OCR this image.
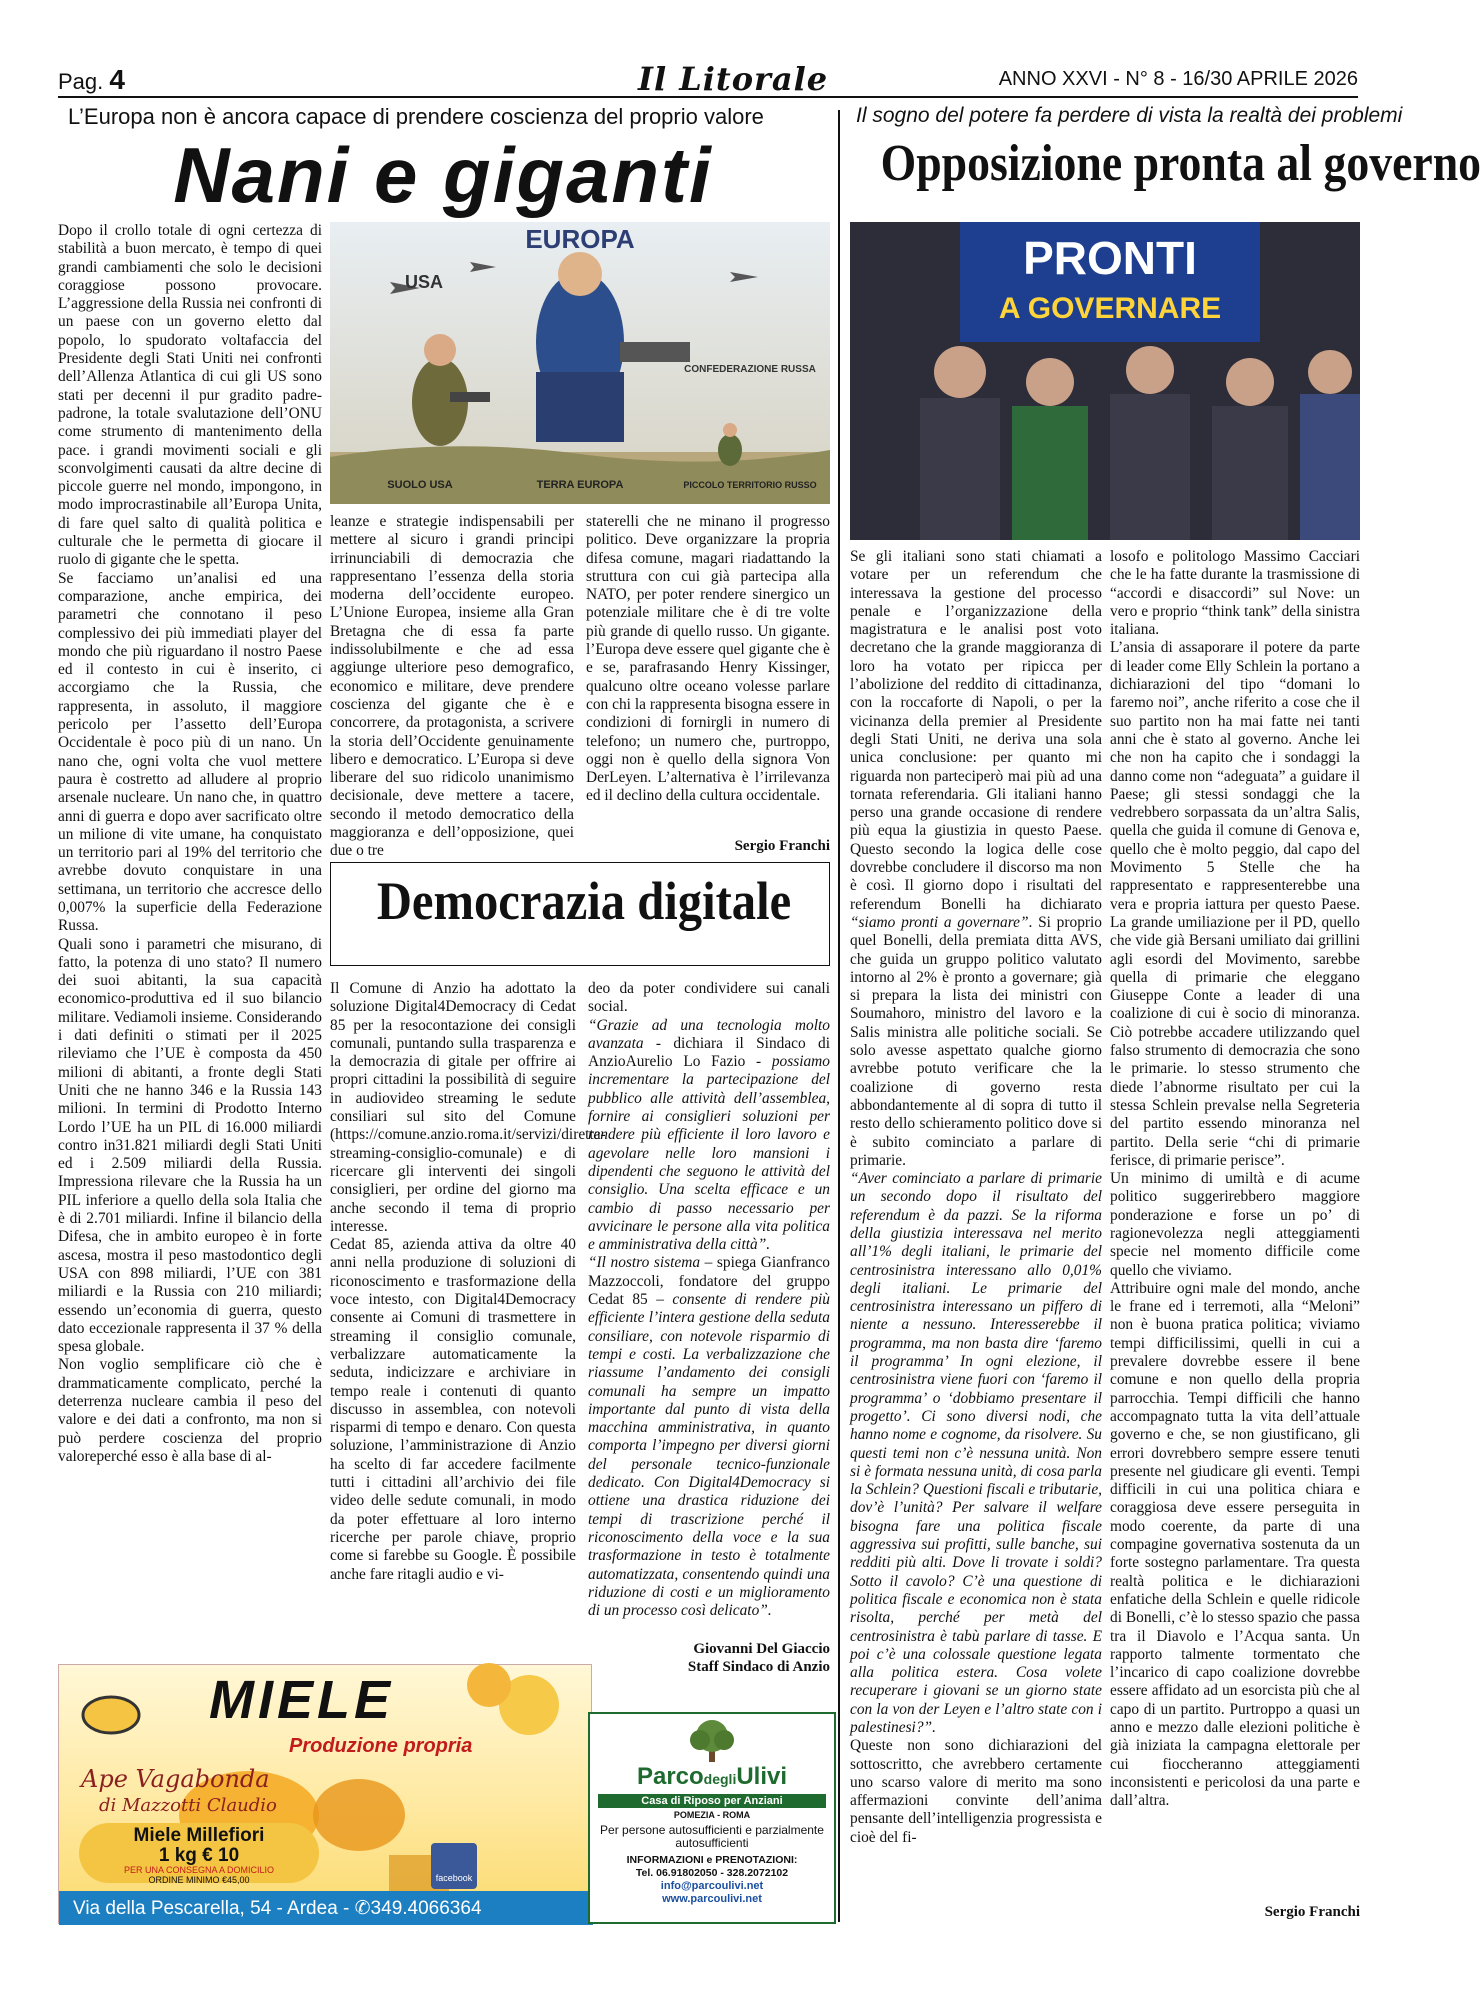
Pag. 4	Il Litorale	ANNO XXVI - N° 8 - 16/30 APRILE 2026
L’Europa non è ancora capace di prendere coscienza del proprio valore
Nani e giganti
EUROPA
USA
CONFEDERAZIONE RUSSA
SUOLO USA	TERRA EUROPA	PICCOLO TERRITORIO RUSSO

Dopo il crollo totale di ogni certezza di stabilità a buon mercato, è tempo di quei grandi cambiamenti che solo le decisioni coraggiose possono provocare. L’aggressione della Russia nei confronti di un paese con un governo eletto dal popolo, lo spudorato voltafaccia del Presidente degli Stati Uniti nei confronti dell’Allenza Atlantica di cui gli US sono stati per decenni il pur gradito padre-padrone, la totale svalutazione dell’ONU come strumento di mantenimento della pace. i grandi movimenti sociali e gli sconvolgimenti causati da altre decine di piccole guerre nel mondo, impongono, in modo improcrastinabile all’Europa Unita, di fare quel salto di qualità politica e culturale che le permetta di giocare il ruolo di gigante che le spetta.

Se facciamo un’analisi ed una comparazione, anche empirica, dei parametri che connotano il peso complessivo dei più immediati player del mondo che più riguardano il nostro Paese ed il contesto in cui è inserito, ci accorgiamo che la Russia, che rappresenta, in assoluto, il maggiore pericolo per l’assetto dell’Europa Occidentale è poco più di un nano. Un nano che, ogni volta che vuol mettere paura è costretto ad alludere al proprio arsenale nucleare. Un nano che, in quattro anni di guerra e dopo aver sacrificato oltre un milione di vite umane, ha conquistato un territorio pari al 19% del territorio che avrebbe dovuto conquistare in una settimana, un territorio che accresce dello 0,007% la superficie della Federazione Russa.

Quali sono i parametri che misurano, di fatto, la potenza di uno stato? Il numero dei suoi abitanti, la sua capacità economico-produttiva ed il suo bilancio militare. Vediamoli insieme. Considerando i dati definiti o stimati per il 2025 rileviamo che l’UE è composta da 450 milioni di abitanti, a fronte degli Stati Uniti che ne hanno 346 e la Russia 143 milioni. In termini di Prodotto Interno Lordo l’UE ha un PIL di 16.000 miliardi contro in31.821 miliardi degli Stati Uniti ed i 2.509 miliardi della Russia. Impressiona rilevare che la Russia ha un PIL inferiore a quello della sola Italia che è di 2.701 miliardi. Infine il bilancio della Difesa, che in ambito europeo è in forte ascesa, mostra il peso mastodontico degli USA con 898 miliardi, l’UE con 381 miliardi e la Russia con 210 miliardi; essendo un’economia di guerra, questo dato eccezionale rappresenta il 37 % della spesa globale.

Non voglio semplificare ciò che è drammaticamente complicato, perché la deterrenza nucleare cambia il peso del valore e dei dati a confronto, ma non si può perdere coscienza del proprio valoreperché esso è alla base di al-

leanze e strategie indispensabili per mettere al sicuro i grandi principi irrinunciabili di democrazia che rappresentano l’essenza della storia moderna dell’occidente europeo. L’Unione Europea, insieme alla Gran Bretagna che di essa fa parte indissolubilmente e che ad essa aggiunge ulteriore peso demografico, economico e militare, deve prendere coscienza del gigante che è e concorrere, da protagonista, a scrivere la storia dell’Occidente genuinamente libero e democratico. L’Europa si deve liberare del suo ridicolo unanimismo decisionale, deve mettere a tacere, secondo il metodo democratico della maggioranza e dell’opposizione, quei due o tre

staterelli che ne minano il progresso politico. Deve organizzare la propria difesa comune, magari riadattando la struttura con cui già partecipa alla NATO, per poter rendere sinergico un potenziale militare che è di tre volte più grande di quello russo. Un gigante. l’Europa deve essere quel gigante che è e se, parafrasando Henry Kissinger, qualcuno oltre oceano volesse parlare con chi la rappresenta bisogna essere in condizioni di fornirgli in numero di telefono; un numero che, purtroppo, oggi non è quello della signora Von DerLeyen. L’alternativa è l’irrilevanza ed il declino della cultura occidentale.

Sergio Franchi
Democrazia digitale

Il Comune di Anzio ha adottato la soluzione Digital4Democracy di Cedat 85 per la resocontazione dei consigli comunali, puntando sulla trasparenza e la democrazia di gitale per offrire ai propri cittadini la possibilità di seguire in audiovideo streaming le sedute consiliari sul sito del Comune (https://comune.anzio.roma.it/servizi/diretta-streaming-consiglio-comunale) e di ricercare gli interventi dei singoli consiglieri, per ordine del giorno ma anche secondo il tema di proprio interesse.

Cedat 85, azienda attiva da oltre 40 anni nella produzione di soluzioni di riconoscimento e trasformazione della voce intesto, con Digital4Democracy consente ai Comuni di trasmettere in streaming il consiglio comunale, verbalizzare automaticamente la seduta, indicizzare e archiviare in tempo reale i contenuti di quanto discusso in assemblea, con notevoli risparmi di tempo e denaro. Con questa soluzione, l’amministrazione di Anzio ha scelto di far accedere facilmente tutti i cittadini all’archivio dei file video delle sedute comunali, in modo da poter effettuare al loro interno ricerche per parole chiave, proprio come si farebbe su Google. È possibile anche fare ritagli audio e vi-

deo da poter condividere sui canali social.

“Grazie ad una tecnologia molto avanzata - dichiara il Sindaco di AnzioAurelio Lo Fazio - possiamo incrementare la partecipazione del pubblico alle attività dell’assemblea, fornire ai consiglieri soluzioni per rendere più efficiente il loro lavoro e agevolare nelle loro mansioni i dipendenti che seguono le attività del consiglio. Una scelta efficace e un cambio di passo necessario per avvicinare le persone alla vita politica e amministrativa della città”.

“Il nostro sistema – spiega Gianfranco Mazzoccoli, fondatore del gruppo Cedat 85 – consente di rendere più efficiente l’intera gestione della seduta consiliare, con notevole risparmio di tempi e costi. La verbalizzazione che riassume l’andamento dei consigli comunali ha sempre un impatto importante dal punto di vista della macchina amministrativa, in quanto comporta l’impegno per diversi giorni del personale tecnico-funzionale dedicato. Con Digital4Democracy si ottiene una drastica riduzione dei tempi di trascrizione perché il riconoscimento della voce e la sua trasformazione in testo è totalmente automatizzata, consentendo quindi una riduzione di costi e un miglioramento di un processo così delicato”.

Giovanni Del Giaccio
Staff Sindaco di Anzio
Il sogno del potere fa perdere di vista la realtà dei problemi
Opposizione pronta al governo
PRONTI
A GOVERNARE

Se gli italiani sono stati chiamati a votare per un referendum che interessava la gestione del processo penale e l’organizzazione della magistratura e le analisi post voto decretano che la grande maggioranza di loro ha votato per ripicca per l’abolizione del reddito di cittadinanza, con la roccaforte di Napoli, o per la vicinanza della premier al Presidente degli Stati Uniti, ne deriva una sola unica conclusione: per quanto mi riguarda non parteciperò mai più ad una tornata referendaria. Gli italiani hanno perso una grande occasione di rendere più equa la giustizia in questo Paese. Questo secondo la logica delle cose dovrebbe concludere il discorso ma non è così. Il giorno dopo i risultati del referendum Bonelli ha dichiarato “siamo pronti a governare”. Si proprio quel Bonelli, della premiata ditta AVS, che guida un gruppo politico valutato intorno al 2% è pronto a governare; già si prepara la lista dei ministri con Soumahoro, ministro del lavoro e la Salis ministra alle politiche sociali. Se solo avesse aspettato qualche giorno avrebbe potuto verificare che la coalizione di governo resta abbondantemente al di sopra di tutto il resto dello schieramento politico dove si è subito cominciato a parlare di primarie.

“Aver cominciato a parlare di primarie un secondo dopo il risultato del referendum è da pazzi. Se la riforma della giustizia interessava nel merito all’1% degli italiani, le primarie del centrosinistra interessano allo 0,01% degli italiani. Le primarie del centrosinistra interessano un piffero di niente a nessuno. Interesserebbe il programma, ma non basta dire ‘faremo il programma’ In ogni elezione, il centrosinistra viene fuori con ‘faremo il programma’ o ‘dobbiamo presentare il progetto’. Ci sono diversi nodi, che hanno nome e cognome, da risolvere. Su questi temi non c’è nessuna unità. Non si è formata nessuna unità, di cosa parla la Schlein? Questioni fiscali e tributarie, dov’è l’unità? Per salvare il welfare bisogna fare una politica fiscale aggressiva sui profitti, sulle banche, sui redditi più alti. Dove li trovate i soldi? Sotto il cavolo? C’è una questione di politica fiscale e economica non è stata risolta, perché per metà del centrosinistra è tabù parlare di tasse. E poi c’è una colossale questione legata alla politica estera. Cosa volete recuperare i giovani se un giorno state con la von der Leyen e l’altro state con i palestinesi?”.

Queste non sono dichiarazioni del sottoscritto, che avrebbero certamente uno scarso valore di merito ma sono affermazioni convinte dell’anima pensante dell’intelligenzia progressista e cioè del fi-

losofo e politologo Massimo Cacciari che le ha fatte durante la trasmissione di “accordi e disaccordi” sul Nove: un vero e proprio “think tank” della sinistra italiana.

L’ansia di assaporare il potere da parte di leader come Elly Schlein la portano a dichiarazioni del tipo “domani lo faremo noi”, anche riferito a cose che il suo partito non ha mai fatte nei tanti anni che è stato al governo. Anche lei che non ha capito che i sondaggi la danno come non “adeguata” a guidare il Paese; gli stessi sondaggi che la vedrebbero sorpassata da un’altra Salis, quella che guida il comune di Genova e, quello che è molto peggio, dal capo del Movimento 5 Stelle che ha rappresentato e rappresenterebbe una vera e propria iattura per questo Paese. La grande umiliazione per il PD, quello che vide già Bersani umiliato dai grillini agli esordi del Movimento, sarebbe quella di primarie che eleggano Giuseppe Conte a leader di una coalizione di cui è socio di minoranza. Ciò potrebbe accadere utilizzando quel falso strumento di democrazia che sono le primarie. lo stesso strumento che diede l’abnorme risultato per cui la stessa Schlein prevalse nella Segreteria del partito essendo minoranza nel partito. Della serie “chi di primarie ferisce, di primarie perisce”.

Un minimo di umiltà e di acume politico suggerirebbero maggiore ponderazione e forse un po’ di ragionevolezza negli atteggiamenti specie nel momento difficile come quello che viviamo.

Attribuire ogni male del mondo, anche le frane ed i terremoti, alla “Meloni” non è buona pratica politica; viviamo tempi difficilissimi, quelli in cui a prevalere dovrebbe essere il bene comune e non quello della propria parrocchia. Tempi difficili che hanno accompagnato tutta la vita dell’attuale governo e che, se non giustificano, gli errori dovrebbero sempre essere tenuti presente nel giudicare gli eventi. Tempi difficili in cui una politica chiara e coraggiosa deve essere perseguita in modo coerente, da parte di una compagine governativa sostenuta da un forte sostegno parlamentare. Tra questa realtà politica e le dichiarazioni enfatiche della Schlein e quelle ridicole di Bonelli, c’è lo stesso spazio che passa tra il Diavolo e l’Acqua santa. Un rapporto talmente tormentato che l’incarico di capo coalizione dovrebbe essere affidato ad un esorcista più che al capo di un partito. Purtroppo a quasi un anno e mezzo dalle elezioni politiche è già iniziata la campagna elettorale per cui fioccheranno atteggiamenti inconsistenti e pericolosi da una parte e dall’altra.

Sergio Franchi
MIELE
Produzione propria
Ape Vagabonda
di Mazzotti Claudio
Miele Millefiori
1 kg € 10
PER UNA CONSEGNA A DOMICILIO
ORDINE MINIMO €45,00	facebook
Via della Pescarella, 54 - Ardea - ✆349.4066364
ParcodegliUlivi
Casa di Riposo per Anziani
POMEZIA - ROMA
Per persone autosufficienti e parzialmente autosufficienti
INFORMAZIONI e PRENOTAZIONI:
Tel. 06.91802050 - 328.2072102
info@parcoulivi.net
www.parcoulivi.net
